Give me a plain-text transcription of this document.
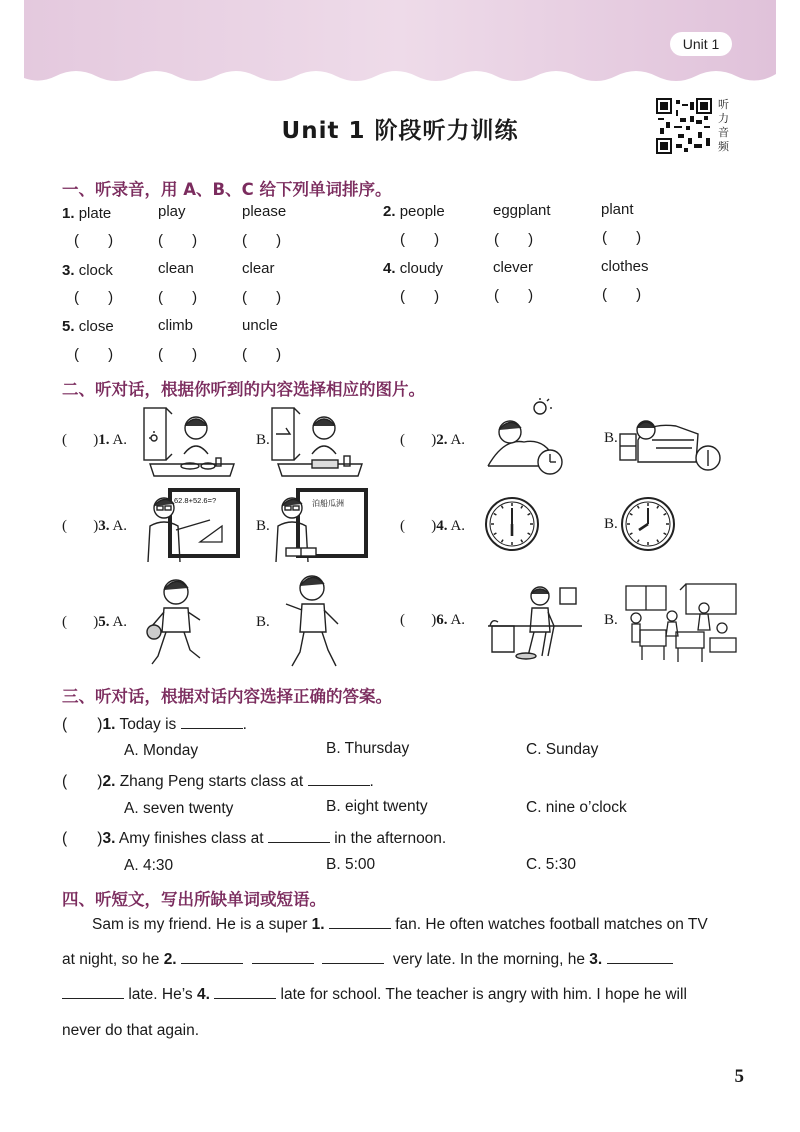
Unit 1
Unit 1 阶段听力训练
听力音频
一、听录音，用 A、B、C 给下列单词排序。
1. plate	play	please	2. people	eggplant	plant
(       )	(       )	(       )	(       )	(       )	(       )
3. clock	clean	clear	4. cloudy	clever	clothes
(       )	(       )	(       )	(       )	(       )	(       )
5. close	climb	uncle
(       )	(       )	(       )
二、听对话，根据你听到的内容选择相应的图片。
(       )1. A.	B.	(       )2. A.	B.
(       )3. A.
62.8+52.6=?
B.
泊船瓜洲
(       )4. A.	B.
(       )5. A.	B.	(       )6. A.	B.
三、听对话，根据对话内容选择正确的答案。
(       )1. Today is	.
A. Monday	B. Thursday	C. Sunday
(       )2. Zhang Peng starts class at	.
A. seven twenty	B. eight twenty	C. nine o’clock
(       )3. Amy finishes class at	in the afternoon.
A. 4:30	B. 5:00	C. 5:30
四、听短文，写出所缺单词或短语。
Sam is my friend. He is a super 1.	fan. He often watches football matches on TV
at night, so he 2.	very late. In the morning, he 3.
late. He’s 4.	late for school. The teacher is angry with him. I hope he will
never do that again.
5
